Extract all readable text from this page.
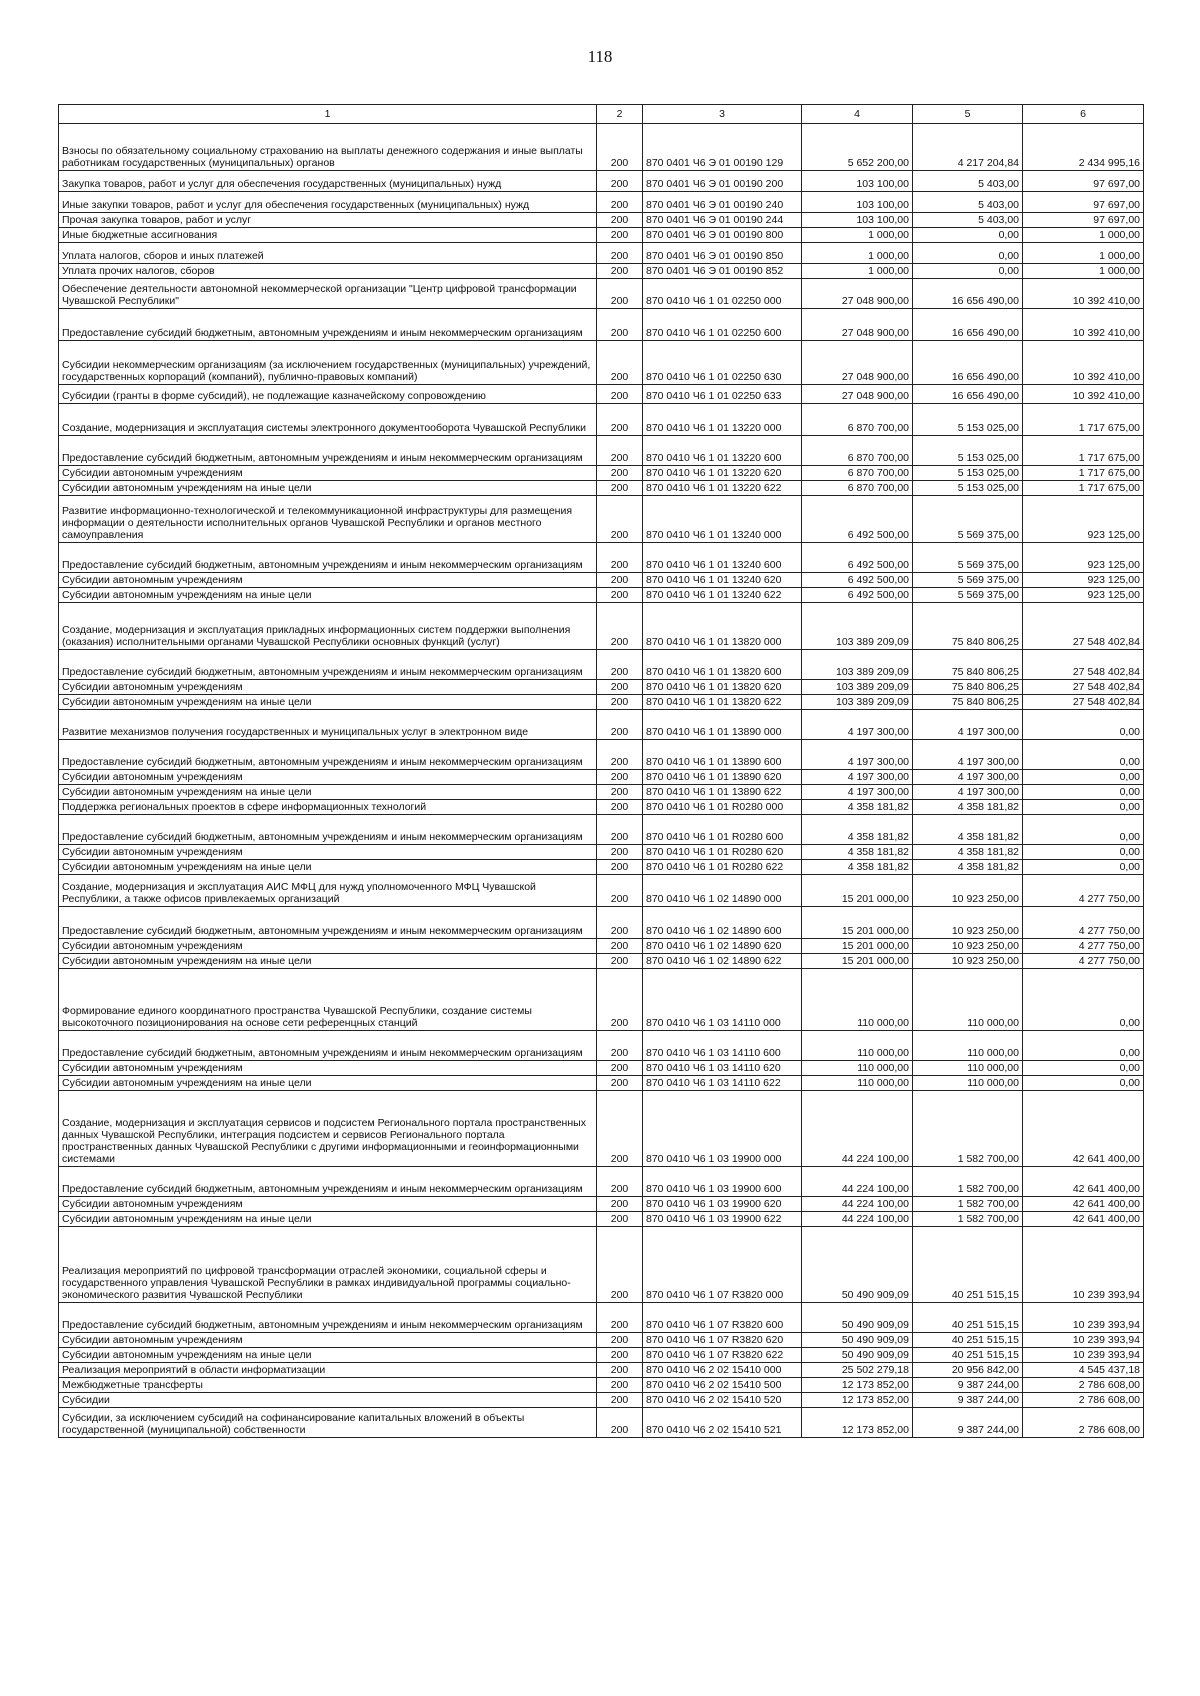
118
1	2	3	4	5	6
Взносы по обязательному социальному страхованию на выплаты денежного содержания и иные выплаты работникам государственных (муниципальных) органов	200	870 0401 Ч6 Э 01 00190 129	5 652 200,00	4 217 204,84	2 434 995,16
Закупка товаров, работ и услуг для обеспечения государственных (муниципальных) нужд	200	870 0401 Ч6 Э 01 00190 200	103 100,00	5 403,00	97 697,00
Иные закупки товаров, работ и услуг для обеспечения государственных (муниципальных) нужд	200	870 0401 Ч6 Э 01 00190 240	103 100,00	5 403,00	97 697,00
Прочая закупка товаров, работ и услуг	200	870 0401 Ч6 Э 01 00190 244	103 100,00	5 403,00	97 697,00
Иные бюджетные ассигнования	200	870 0401 Ч6 Э 01 00190 800	1 000,00	0,00	1 000,00
Уплата налогов, сборов и иных платежей	200	870 0401 Ч6 Э 01 00190 850	1 000,00	0,00	1 000,00
Уплата прочих налогов, сборов	200	870 0401 Ч6 Э 01 00190 852	1 000,00	0,00	1 000,00
Обеспечение деятельности автономной некоммерческой организации "Центр цифровой трансформации Чувашской Республики"	200	870 0410 Ч6 1 01 02250 000	27 048 900,00	16 656 490,00	10 392 410,00
Предоставление субсидий бюджетным, автономным учреждениям и иным некоммерческим организациям	200	870 0410 Ч6 1 01 02250 600	27 048 900,00	16 656 490,00	10 392 410,00
Субсидии некоммерческим организациям (за исключением государственных (муниципальных) учреждений, государственных корпораций (компаний), публично-правовых компаний)	200	870 0410 Ч6 1 01 02250 630	27 048 900,00	16 656 490,00	10 392 410,00
Субсидии (гранты в форме субсидий), не подлежащие казначейскому сопровождению	200	870 0410 Ч6 1 01 02250 633	27 048 900,00	16 656 490,00	10 392 410,00
Создание, модернизация и эксплуатация системы электронного документооборота Чувашской Республики	200	870 0410 Ч6 1 01 13220 000	6 870 700,00	5 153 025,00	1 717 675,00
Предоставление субсидий бюджетным, автономным учреждениям и иным некоммерческим организациям	200	870 0410 Ч6 1 01 13220 600	6 870 700,00	5 153 025,00	1 717 675,00
Субсидии автономным учреждениям	200	870 0410 Ч6 1 01 13220 620	6 870 700,00	5 153 025,00	1 717 675,00
Субсидии автономным учреждениям на иные цели	200	870 0410 Ч6 1 01 13220 622	6 870 700,00	5 153 025,00	1 717 675,00
Развитие информационно-технологической и телекоммуникационной инфраструктуры для размещения информации о деятельности исполнительных органов Чувашской Республики и органов местного самоуправления	200	870 0410 Ч6 1 01 13240 000	6 492 500,00	5 569 375,00	923 125,00
Предоставление субсидий бюджетным, автономным учреждениям и иным некоммерческим организациям	200	870 0410 Ч6 1 01 13240 600	6 492 500,00	5 569 375,00	923 125,00
Субсидии автономным учреждениям	200	870 0410 Ч6 1 01 13240 620	6 492 500,00	5 569 375,00	923 125,00
Субсидии автономным учреждениям на иные цели	200	870 0410 Ч6 1 01 13240 622	6 492 500,00	5 569 375,00	923 125,00
Создание, модернизация и эксплуатация прикладных информационных систем поддержки выполнения (оказания) исполнительными органами Чувашской Республики основных функций (услуг)	200	870 0410 Ч6 1 01 13820 000	103 389 209,09	75 840 806,25	27 548 402,84
Предоставление субсидий бюджетным, автономным учреждениям и иным некоммерческим организациям	200	870 0410 Ч6 1 01 13820 600	103 389 209,09	75 840 806,25	27 548 402,84
Субсидии автономным учреждениям	200	870 0410 Ч6 1 01 13820 620	103 389 209,09	75 840 806,25	27 548 402,84
Субсидии автономным учреждениям на иные цели	200	870 0410 Ч6 1 01 13820 622	103 389 209,09	75 840 806,25	27 548 402,84
Развитие механизмов получения государственных и муниципальных услуг в электронном виде	200	870 0410 Ч6 1 01 13890 000	4 197 300,00	4 197 300,00	0,00
Предоставление субсидий бюджетным, автономным учреждениям и иным некоммерческим организациям	200	870 0410 Ч6 1 01 13890 600	4 197 300,00	4 197 300,00	0,00
Субсидии автономным учреждениям	200	870 0410 Ч6 1 01 13890 620	4 197 300,00	4 197 300,00	0,00
Субсидии автономным учреждениям на иные цели	200	870 0410 Ч6 1 01 13890 622	4 197 300,00	4 197 300,00	0,00
Поддержка региональных проектов в сфере информационных технологий	200	870 0410 Ч6 1 01 R0280 000	4 358 181,82	4 358 181,82	0,00
Предоставление субсидий бюджетным, автономным учреждениям и иным некоммерческим организациям	200	870 0410 Ч6 1 01 R0280 600	4 358 181,82	4 358 181,82	0,00
Субсидии автономным учреждениям	200	870 0410 Ч6 1 01 R0280 620	4 358 181,82	4 358 181,82	0,00
Субсидии автономным учреждениям на иные цели	200	870 0410 Ч6 1 01 R0280 622	4 358 181,82	4 358 181,82	0,00
Создание, модернизация и эксплуатация АИС МФЦ для нужд уполномоченного МФЦ Чувашской Республики, а также офисов привлекаемых организаций	200	870 0410 Ч6 1 02 14890 000	15 201 000,00	10 923 250,00	4 277 750,00
Предоставление субсидий бюджетным, автономным учреждениям и иным некоммерческим организациям	200	870 0410 Ч6 1 02 14890 600	15 201 000,00	10 923 250,00	4 277 750,00
Субсидии автономным учреждениям	200	870 0410 Ч6 1 02 14890 620	15 201 000,00	10 923 250,00	4 277 750,00
Субсидии автономным учреждениям на иные цели	200	870 0410 Ч6 1 02 14890 622	15 201 000,00	10 923 250,00	4 277 750,00
Формирование единого координатного пространства Чувашской Республики, создание системы высокоточного позиционирования на основе сети референцных станций	200	870 0410 Ч6 1 03 14110 000	110 000,00	110 000,00	0,00
Предоставление субсидий бюджетным, автономным учреждениям и иным некоммерческим организациям	200	870 0410 Ч6 1 03 14110 600	110 000,00	110 000,00	0,00
Субсидии автономным учреждениям	200	870 0410 Ч6 1 03 14110 620	110 000,00	110 000,00	0,00
Субсидии автономным учреждениям на иные цели	200	870 0410 Ч6 1 03 14110 622	110 000,00	110 000,00	0,00
Создание, модернизация и эксплуатация сервисов и подсистем Регионального портала пространственных данных Чувашской Республики, интеграция подсистем и сервисов Регионального портала пространственных данных Чувашской Республики с другими информационными и геоинформационными системами	200	870 0410 Ч6 1 03 19900 000	44 224 100,00	1 582 700,00	42 641 400,00
Предоставление субсидий бюджетным, автономным учреждениям и иным некоммерческим организациям	200	870 0410 Ч6 1 03 19900 600	44 224 100,00	1 582 700,00	42 641 400,00
Субсидии автономным учреждениям	200	870 0410 Ч6 1 03 19900 620	44 224 100,00	1 582 700,00	42 641 400,00
Субсидии автономным учреждениям на иные цели	200	870 0410 Ч6 1 03 19900 622	44 224 100,00	1 582 700,00	42 641 400,00
Реализация мероприятий по цифровой трансформации отраслей экономики, социальной сферы и государственного управления Чувашской Республики в рамках индивидуальной программы социально-экономического развития Чувашской Республики	200	870 0410 Ч6 1 07 R3820 000	50 490 909,09	40 251 515,15	10 239 393,94
Предоставление субсидий бюджетным, автономным учреждениям и иным некоммерческим организациям	200	870 0410 Ч6 1 07 R3820 600	50 490 909,09	40 251 515,15	10 239 393,94
Субсидии автономным учреждениям	200	870 0410 Ч6 1 07 R3820 620	50 490 909,09	40 251 515,15	10 239 393,94
Субсидии автономным учреждениям на иные цели	200	870 0410 Ч6 1 07 R3820 622	50 490 909,09	40 251 515,15	10 239 393,94
Реализация мероприятий в области информатизации	200	870 0410 Ч6 2 02 15410 000	25 502 279,18	20 956 842,00	4 545 437,18
Межбюджетные трансферты	200	870 0410 Ч6 2 02 15410 500	12 173 852,00	9 387 244,00	2 786 608,00
Субсидии	200	870 0410 Ч6 2 02 15410 520	12 173 852,00	9 387 244,00	2 786 608,00
Субсидии, за исключением субсидий на софинансирование капитальных вложений в объекты государственной (муниципальной) собственности	200	870 0410 Ч6 2 02 15410 521	12 173 852,00	9 387 244,00	2 786 608,00
